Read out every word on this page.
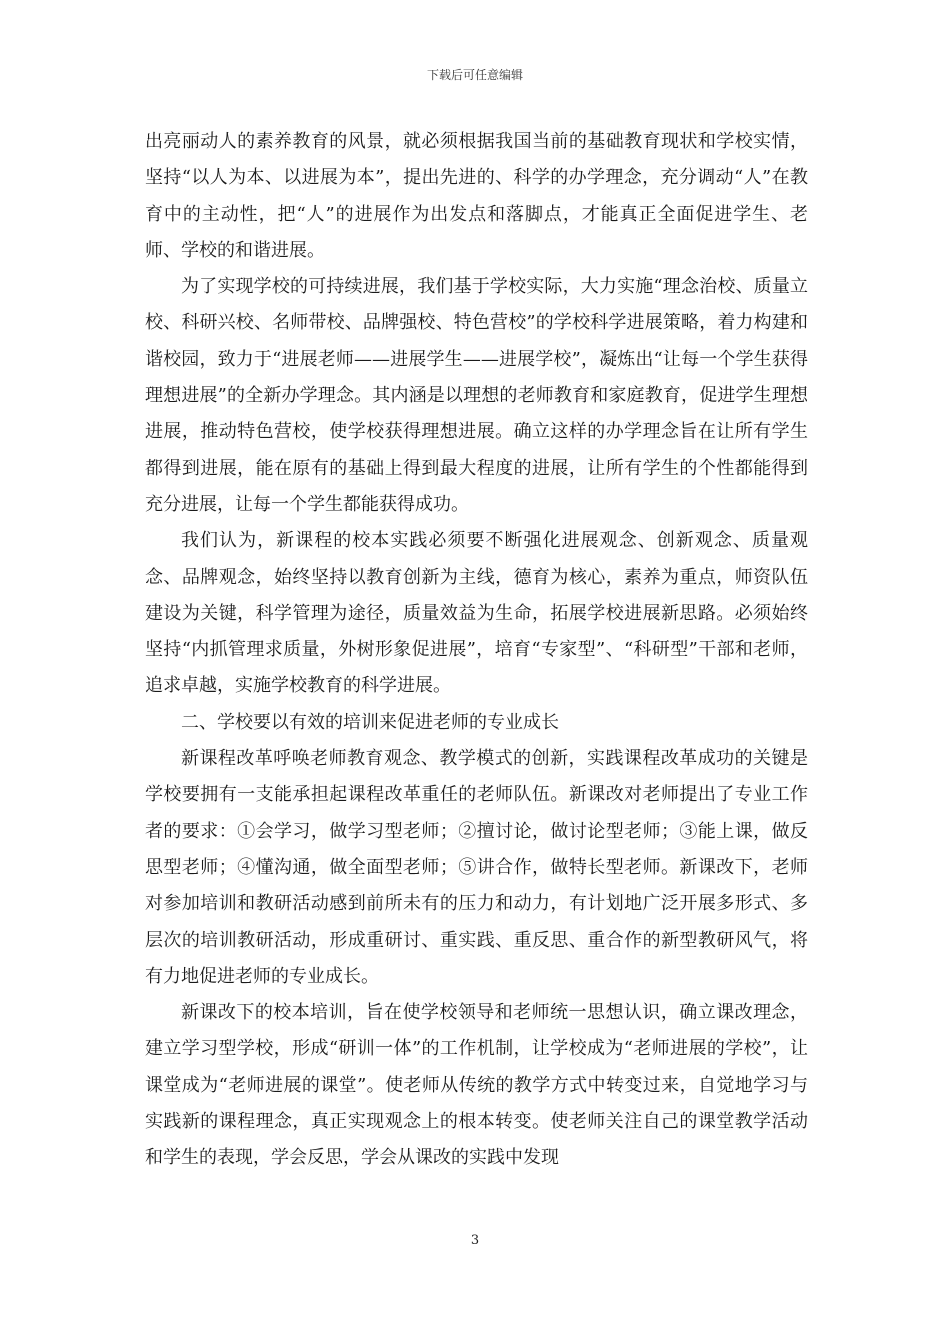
下载后可任意编辑

出亮丽动人的素养教育的风景，就必须根据我国当前的基础教育现状和学校实情，坚持“以人为本、以进展为本”，提出先进的、科学的办学理念，充分调动“人”在教育中的主动性，把“人”的进展作为出发点和落脚点，才能真正全面促进学生、老师、学校的和谐进展。

为了实现学校的可持续进展，我们基于学校实际，大力实施“理念治校、质量立校、科研兴校、名师带校、品牌强校、特色营校”的学校科学进展策略，着力构建和谐校园，致力于“进展老师——进展学生——进展学校”，凝炼出“让每一个学生获得理想进展”的全新办学理念。其内涵是以理想的老师教育和家庭教育，促进学生理想进展，推动特色营校，使学校获得理想进展。确立这样的办学理念旨在让所有学生都得到进展，能在原有的基础上得到最大程度的进展，让所有学生的个性都能得到充分进展，让每一个学生都能获得成功。

我们认为，新课程的校本实践必须要不断强化进展观念、创新观念、质量观念、品牌观念，始终坚持以教育创新为主线，德育为核心，素养为重点，师资队伍建设为关键，科学管理为途径，质量效益为生命，拓展学校进展新思路。必须始终坚持“内抓管理求质量，外树形象促进展”，培育“专家型”、“科研型”干部和老师，追求卓越，实施学校教育的科学进展。

二、学校要以有效的培训来促进老师的专业成长

新课程改革呼唤老师教育观念、教学模式的创新，实践课程改革成功的关键是学校要拥有一支能承担起课程改革重任的老师队伍。新课改对老师提出了专业工作者的要求：①会学习，做学习型老师；②擅讨论，做讨论型老师；③能上课，做反思型老师；④懂沟通，做全面型老师；⑤讲合作，做特长型老师。新课改下，老师对参加培训和教研活动感到前所未有的压力和动力，有计划地广泛开展多形式、多层次的培训教研活动，形成重研讨、重实践、重反思、重合作的新型教研风气，将有力地促进老师的专业成长。

新课改下的校本培训，旨在使学校领导和老师统一思想认识，确立课改理念，建立学习型学校，形成“研训一体”的工作机制，让学校成为“老师进展的学校”，让课堂成为“老师进展的课堂”。使老师从传统的教学方式中转变过来，自觉地学习与实践新的课程理念，真正实现观念上的根本转变。使老师关注自己的课堂教学活动和学生的表现，学会反思，学会从课改的实践中发现

3
